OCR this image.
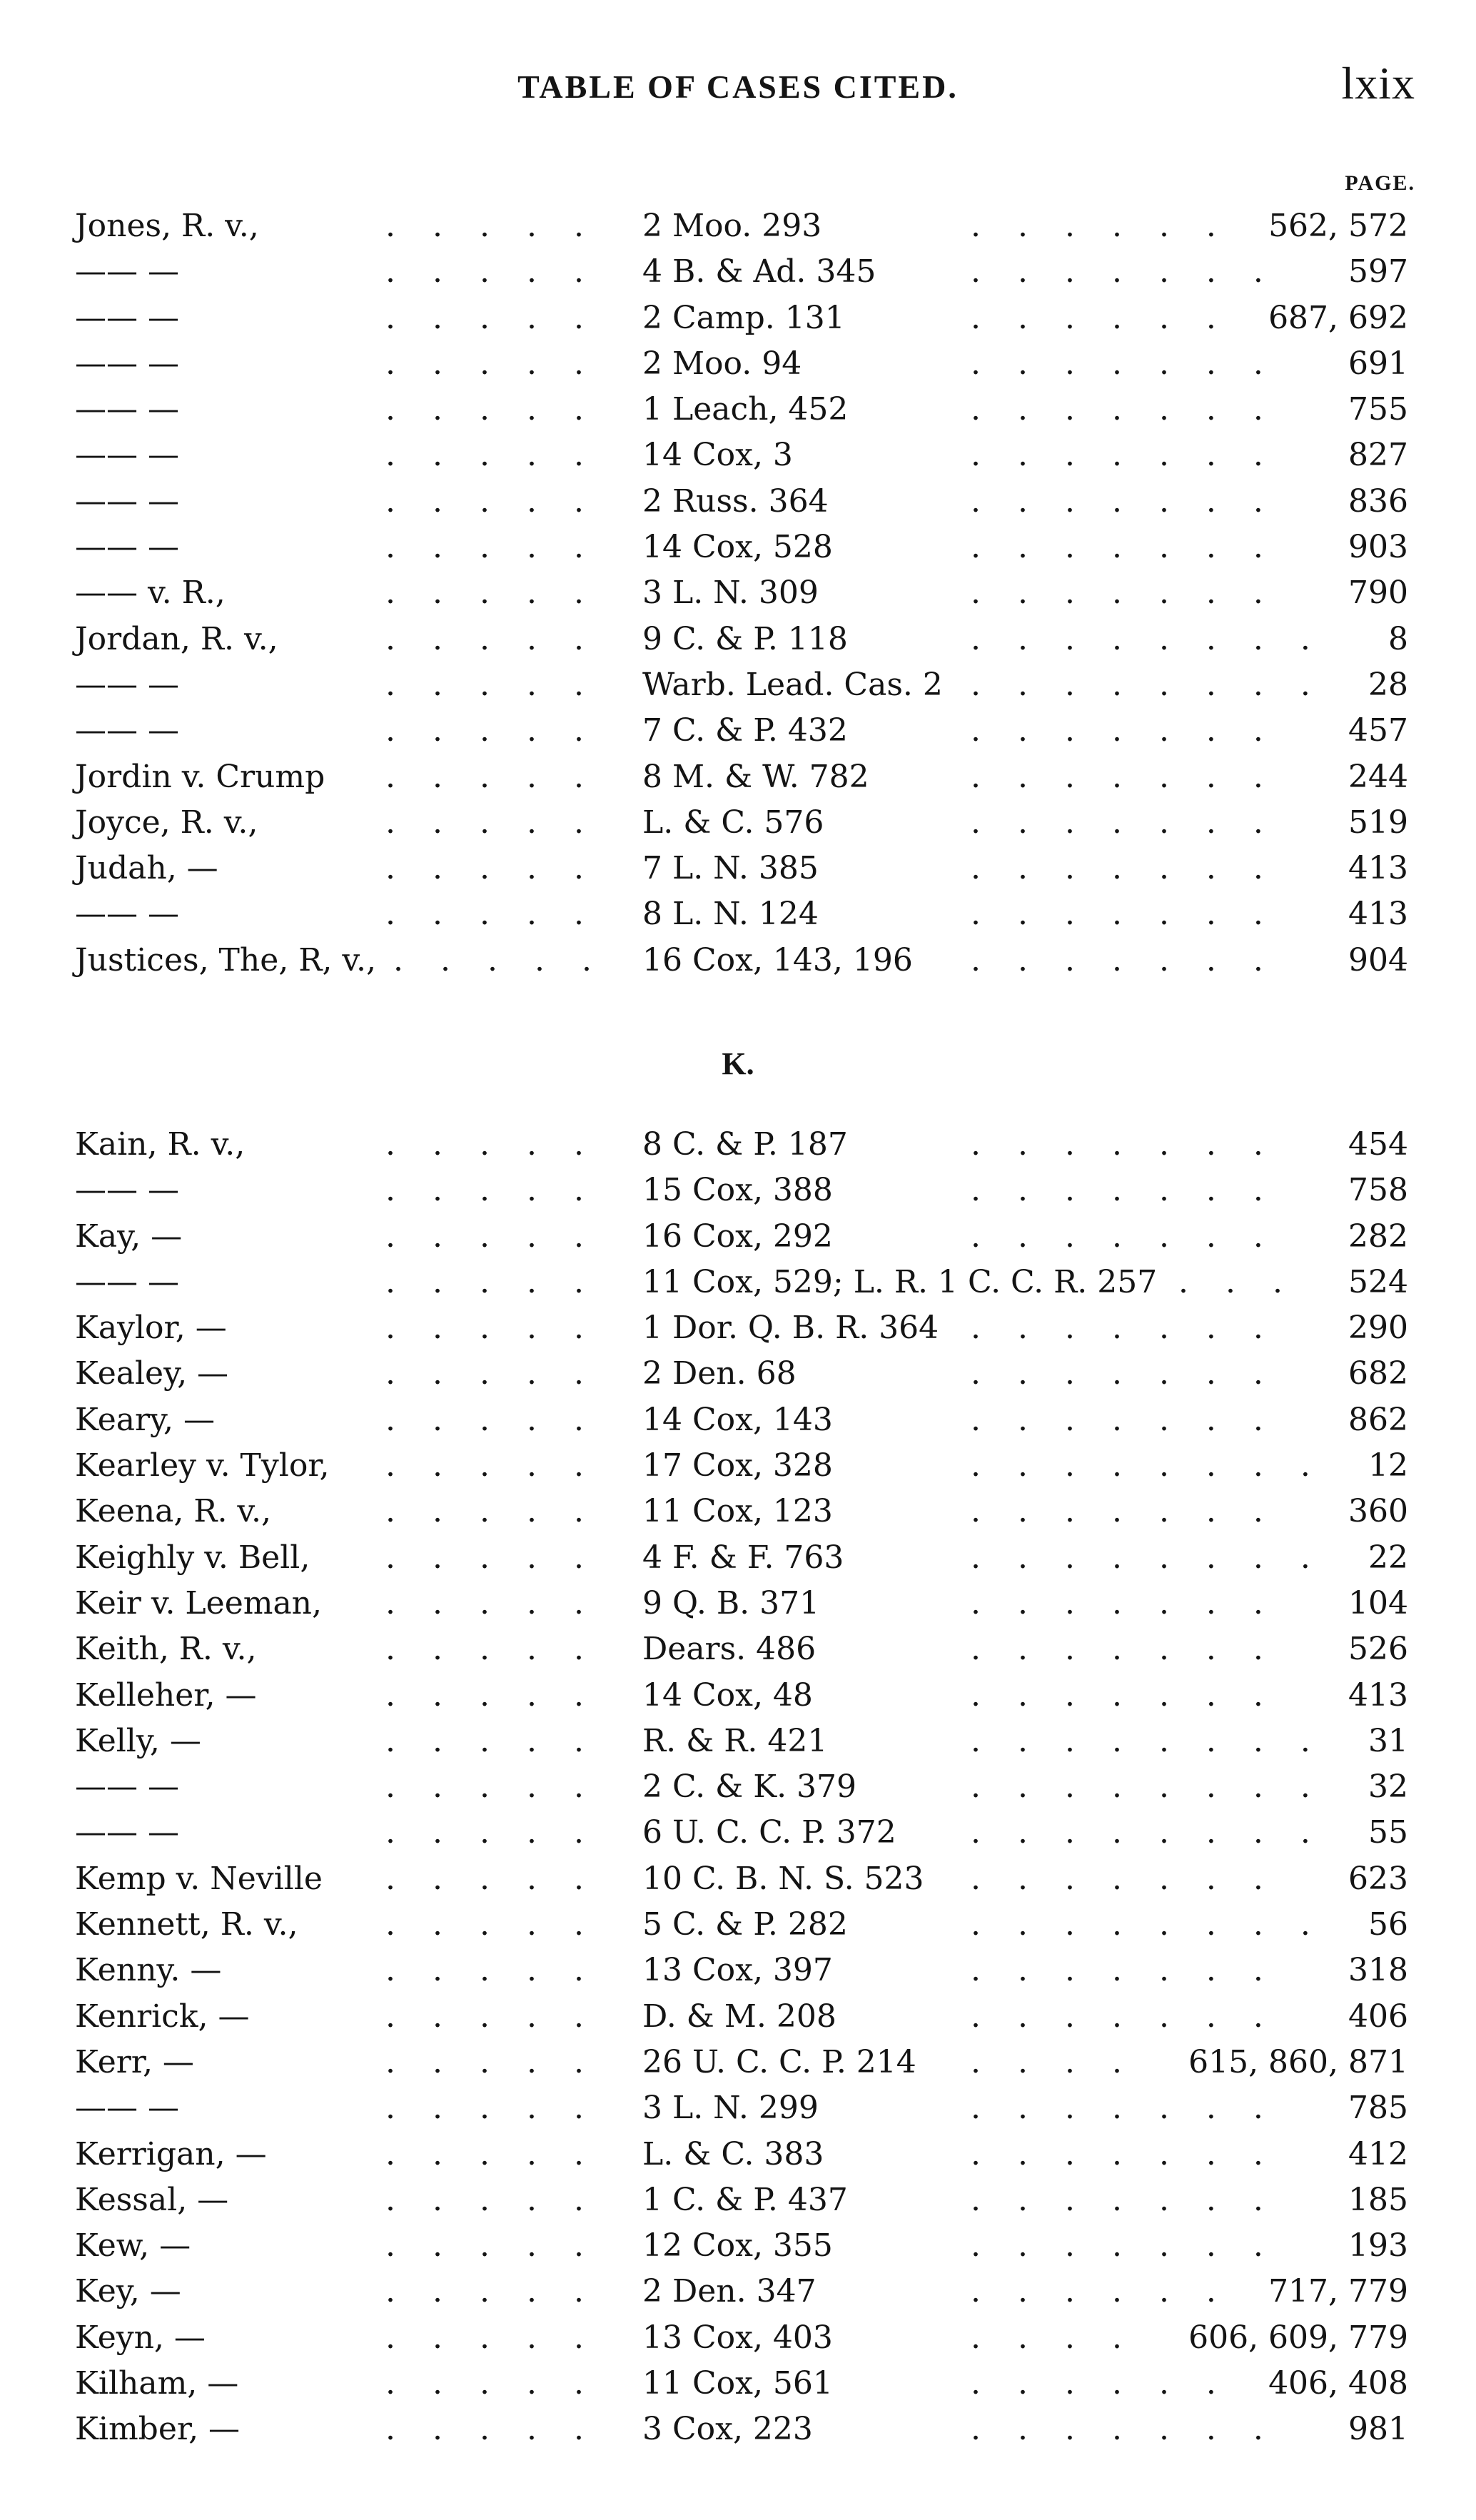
TABLE OF CASES CITED.	lxix
PAGE.
Jones, R. v.,	..... 2 Moo. 293	...... 562, 572
—— —	..... 4 B. & Ad. 345	....... 597
—— —	..... 2 Camp. 131	...... 687, 692
—— —	..... 2 Moo. 94	....... 691
—— —	..... 1 Leach, 452	....... 755
—— —	..... 14 Cox, 3	....... 827
—— —	..... 2 Russ. 364	....... 836
—— —	..... 14 Cox, 528	....... 903
—— v. R.,	..... 3 L. N. 309	....... 790
Jordan, R. v.,	..... 9 C. & P. 118	........ 8
—— —	..... Warb. Lead. Cas. 2 ........ 28
—— —	..... 7 C. & P. 432	....... 457
Jordin v. Crump ..... 8 M. & W. 782	....... 244
Joyce, R. v.,	..... L. & C. 576	....... 519
Judah, —	..... 7 L. N. 385	....... 413
—— —	..... 8 L. N. 124	....... 413
Justices, The, R, v., ..... 16 Cox, 143, 196 ....... 904
K.
Kain, R. v.,	..... 8 C. & P. 187	....... 454
—— —	..... 15 Cox, 388	....... 758
Kay, —	..... 16 Cox, 292	....... 282
—— —	..... 11 Cox, 529; L. R. 1 C. C. R. 257 ... 524
Kaylor, —	..... 1 Dor. Q. B. R. 364 ....... 290
Kealey, —	..... 2 Den. 68	....... 682
Keary, —	..... 14 Cox, 143	....... 862
Kearley v. Tylor, ..... 17 Cox, 328	........ 12
Keena, R. v.,	..... 11 Cox, 123	....... 360
Keighly v. Bell, ..... 4 F. & F. 763	........ 22
Keir v. Leeman, ..... 9 Q. B. 371	....... 104
Keith, R. v.,	..... Dears. 486	....... 526
Kelleher, —	..... 14 Cox, 48	....... 413
Kelly, —	..... R. & R. 421	........ 31
—— —	..... 2 C. & K. 379	........ 32
—— —	..... 6 U. C. C. P. 372 ........ 55
Kemp v. Neville ..... 10 C. B. N. S. 523 ....... 623
Kennett, R. v.,	..... 5 C. & P. 282	........ 56
Kenny. —	..... 13 Cox, 397	....... 318
Kenrick, —	..... D. & M. 208	....... 406
Kerr, —	..... 26 U. C. C. P. 214 .... 615, 860, 871
—— —	..... 3 L. N. 299	....... 785
Kerrigan, —	..... L. & C. 383	....... 412
Kessal, —	..... 1 C. & P. 437	....... 185
Kew, —	..... 12 Cox, 355	....... 193
Key, —	..... 2 Den. 347	...... 717, 779
Keyn, —	..... 13 Cox, 403	.... 606, 609, 779
Kilham, —	..... 11 Cox, 561	...... 406, 408
Kimber, —	..... 3 Cox, 223	....... 981
